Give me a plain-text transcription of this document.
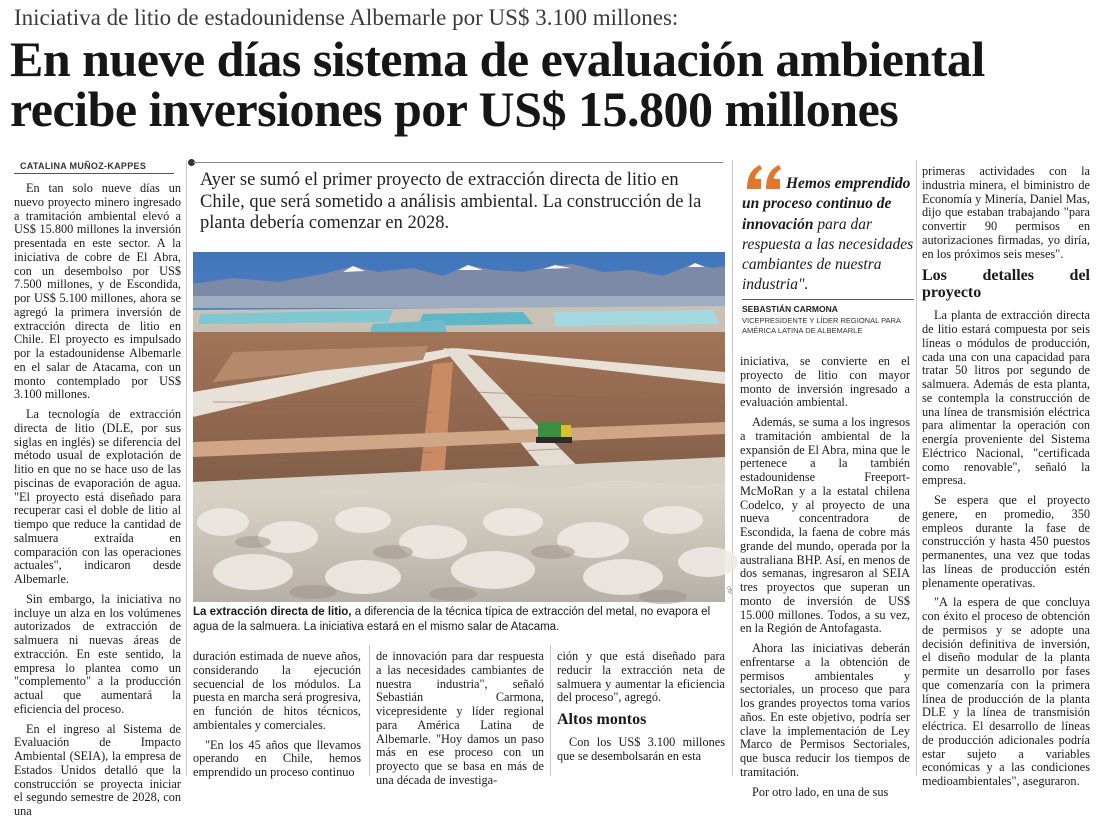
Iniciativa de litio de estadounidense Albemarle por US$ 3.100 millones:
En nueve días sistema de evaluación ambiental recibe inversiones por US$ 15.800 millones
CATALINA MUÑOZ-KAPPES
Ayer se sumó el primer proyecto de extracción directa de litio en Chile, que será sometido a análisis ambiental. La construcción de la planta debería comenzar en 2028.

En tan solo nueve días un nuevo proyecto minero ingresado a tramitación ambiental elevó a US$ 15.800 millones la inversión presentada en este sector. A la iniciativa de cobre de El Abra, con un desembolso por US$ 7.500 millones, y de Escondida, por US$ 5.100 millones, ahora se agregó la primera inversión de extracción directa de litio en Chile. El proyecto es impulsado por la estadounidense Albemarle en el salar de Atacama, con un monto contemplado por US$ 3.100 millones.

La tecnología de extracción directa de litio (DLE, por sus siglas en inglés) se diferencia del método usual de explotación de litio en que no se hace uso de las piscinas de evaporación de agua. "El proyecto está diseñado para recuperar casi el doble de litio al tiempo que reduce la cantidad de salmuera extraída en comparación con las operaciones actuales", indicaron desde Albemarle.

Sin embargo, la iniciativa no incluye un alza en los volúmenes autorizados de extracción de salmuera ni nuevas áreas de extracción. En este sentido, la empresa lo plantea como un "complemento" a la producción actual que aumentará la eficiencia del proceso.

En el ingreso al Sistema de Evaluación de Impacto Ambiental (SEIA), la empresa de Estados Unidos detalló que la construcción se proyecta iniciar el segundo semestre de 2028, con una

AP
La extracción directa de litio, a diferencia de la técnica típica de extracción del metal, no evapora el agua de la salmuera. La iniciativa estará en el mismo salar de Atacama.

duración estimada de nueve años, considerando la ejecución secuencial de los módulos. La puesta en marcha será progresiva, en función de hitos técnicos, ambientales y comerciales.

"En los 45 años que llevamos operando en Chile, hemos emprendido un proceso continuo

de innovación para dar respuesta a las necesidades cambiantes de nuestra industria", señaló Sebastián Carmona, vicepresidente y líder regional para América Latina de Albemarle. "Hoy damos un paso más en ese proceso con un proyecto que se basa en más de una década de investiga-

ción y que está diseñado para reducir la extracción neta de salmuera y aumentar la eficiencia del proceso", agregó.

Altos montos

Con los US$ 3.100 millones que se desembolsarán en esta

Hemos emprendido un proceso continuo de innovación para dar respuesta a las necesidades cambiantes de nuestra industria".
SEBASTIÁN CARMONA
VICEPRESIDENTE Y LÍDER REGIONAL PARA AMÉRICA LATINA DE ALBEMARLE

iniciativa, se convierte en el proyecto de litio con mayor monto de inversión ingresado a evaluación ambiental.

Además, se suma a los ingresos a tramitación ambiental de la expansión de El Abra, mina que le pertenece a la también estadounidense Freeport-McMoRan y a la estatal chilena Codelco, y al proyecto de una nueva concentradora de Escondida, la faena de cobre más grande del mundo, operada por la australiana BHP. Así, en menos de dos semanas, ingresaron al SEIA tres proyectos que superan un monto de inversión de US$ 15.000 millones. Todos, a su vez, en la Región de Antofagasta.

Ahora las iniciativas deberán enfrentarse a la obtención de permisos ambientales y sectoriales, un proceso que para los grandes proyectos toma varios años. En este objetivo, podría ser clave la implementación de Ley Marco de Permisos Sectoriales, que busca reducir los tiempos de tramitación.

Por otro lado, en una de sus

primeras actividades con la industria minera, el biministro de Economía y Minería, Daniel Mas, dijo que estaban trabajando "para convertir 90 permisos en autorizaciones firmadas, yo diría, en los próximos seis meses".

Los detalles del proyecto

La planta de extracción directa de litio estará compuesta por seis líneas o módulos de producción, cada una con una capacidad para tratar 50 litros por segundo de salmuera. Además de esta planta, se contempla la construcción de una línea de transmisión eléctrica para alimentar la operación con energía proveniente del Sistema Eléctrico Nacional, "certificada como renovable", señaló la empresa.

Se espera que el proyecto genere, en promedio, 350 empleos durante la fase de construcción y hasta 450 puestos permanentes, una vez que todas las líneas de producción estén plenamente operativas.

"A la espera de que concluya con éxito el proceso de obtención de permisos y se adopte una decisión definitiva de inversión, el diseño modular de la planta permite un desarrollo por fases que comenzaría con la primera línea de producción de la planta DLE y la línea de transmisión eléctrica. El desarrollo de líneas de producción adicionales podría estar sujeto a variables económicas y a las condiciones medioambientales", aseguraron.
